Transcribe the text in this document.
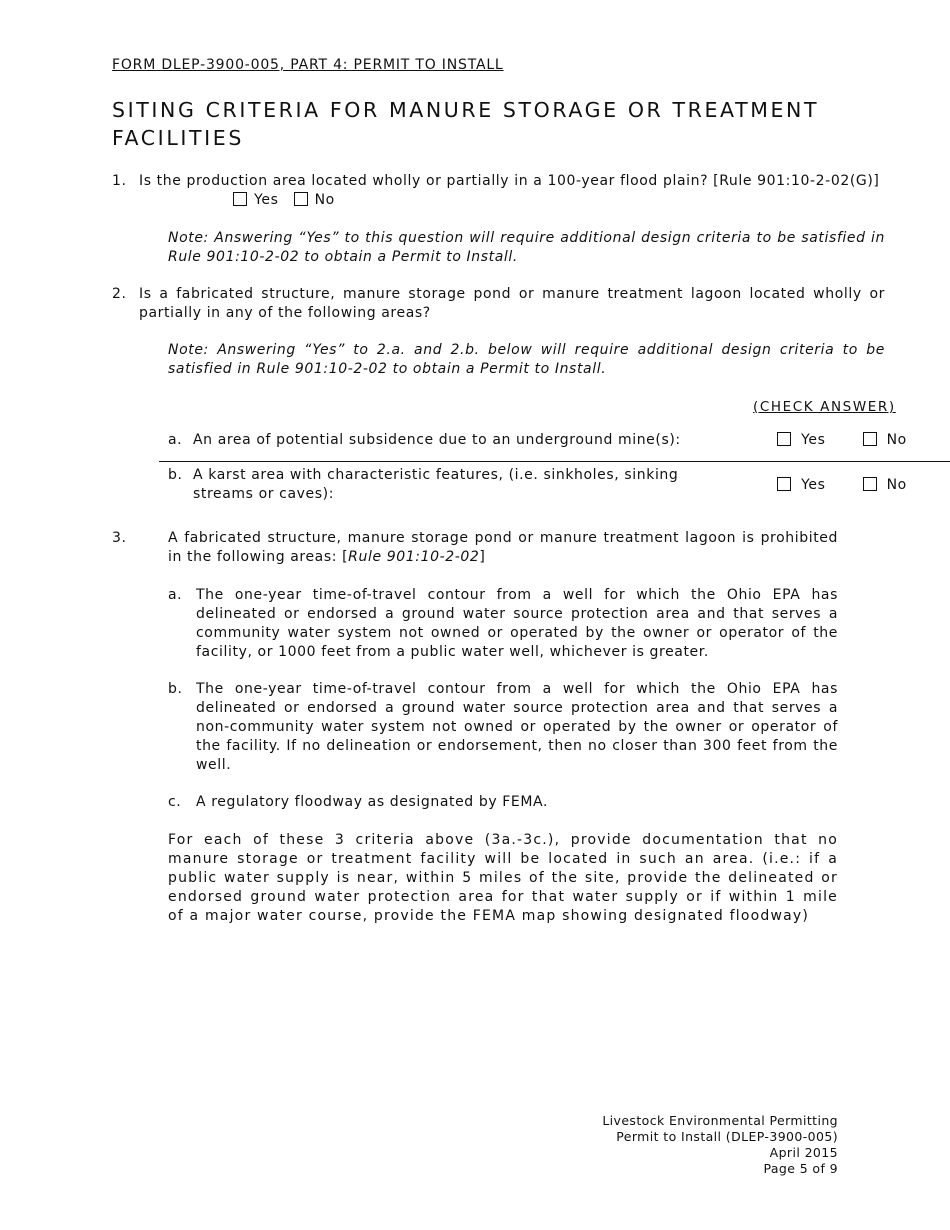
FORM DLEP-3900-005, PART 4: PERMIT TO INSTALL
SITING CRITERIA FOR MANURE STORAGE OR TREATMENT FACILITIES
1. Is the production area located wholly or partially in a 100-year flood plain? [Rule 901:10-2-02(G)]
Yes	No
Note: Answering “Yes” to this question will require additional design criteria to be satisfied in Rule 901:10-2-02 to obtain a Permit to Install.
2. Is a fabricated structure, manure storage pond or manure treatment lagoon located wholly or partially in any of the following areas?
Note: Answering “Yes” to 2.a. and 2.b. below will require additional design criteria to be satisfied in Rule 901:10-2-02 to obtain a Permit to Install.
(CHECK ANSWER)
a. An area of potential subsidence due to an underground mine(s):	Yes	No
b. A karst area with characteristic features, (i.e. sinkholes, sinking streams or caves):
Yes	No
3.	A fabricated structure, manure storage pond or manure treatment lagoon is prohibited in the following areas: [Rule 901:10-2-02]
a. The one-year time-of-travel contour from a well for which the Ohio EPA has delineated or endorsed a ground water source protection area and that serves a community water system not owned or operated by the owner or operator of the facility, or 1000 feet from a public water well, whichever is greater.
b. The one-year time-of-travel contour from a well for which the Ohio EPA has delineated or endorsed a ground water source protection area and that serves a non-community water system not owned or operated by the owner or operator of the facility. If no delineation or endorsement, then no closer than 300 feet from the well.
c. A regulatory floodway as designated by FEMA.
For each of these 3 criteria above (3a.-3c.), provide documentation that no manure storage or treatment facility will be located in such an area. (i.e.: if a public water supply is near, within 5 miles of the site, provide the delineated or endorsed ground water protection area for that water supply or if within 1 mile of a major water course, provide the FEMA map showing designated floodway)
Livestock Environmental Permitting
Permit to Install (DLEP-3900-005)
April 2015
Page 5 of 9
